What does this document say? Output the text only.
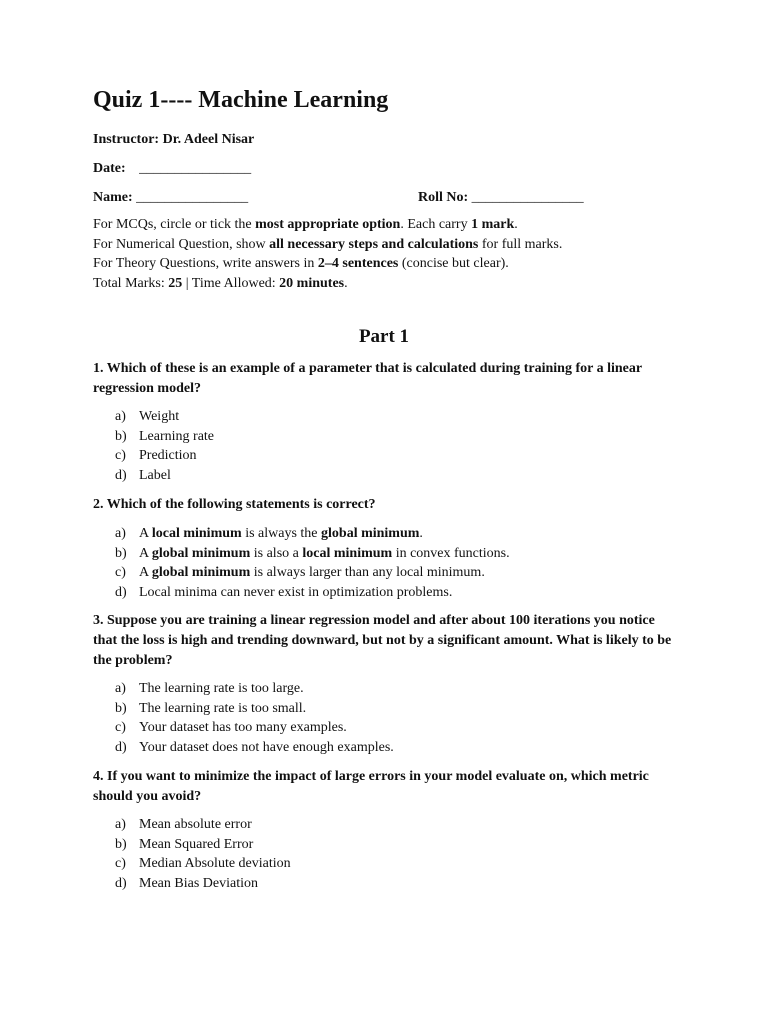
Quiz 1---- Machine Learning
Instructor: Dr. Adeel Nisar
Date: ________________
Name: ________________	Roll No: ________________
For MCQs, circle or tick the most appropriate option. Each carry 1 mark.
For Numerical Question, show all necessary steps and calculations for full marks.
For Theory Questions, write answers in 2–4 sentences (concise but clear).
Total Marks: 25 | Time Allowed: 20 minutes.
Part 1
1. Which of these is an example of a parameter that is calculated during training for a linear regression model?
a) Weight
b) Learning rate
c) Prediction
d) Label
2. Which of the following statements is correct?
a) A local minimum is always the global minimum.
b) A global minimum is also a local minimum in convex functions.
c) A global minimum is always larger than any local minimum.
d) Local minima can never exist in optimization problems.
3. Suppose you are training a linear regression model and after about 100 iterations you notice that the loss is high and trending downward, but not by a significant amount. What is likely to be the problem?
a) The learning rate is too large.
b) The learning rate is too small.
c) Your dataset has too many examples.
d) Your dataset does not have enough examples.
4. If you want to minimize the impact of large errors in your model evaluate on, which metric should you avoid?
a) Mean absolute error
b) Mean Squared Error
c) Median Absolute deviation
d) Mean Bias Deviation
